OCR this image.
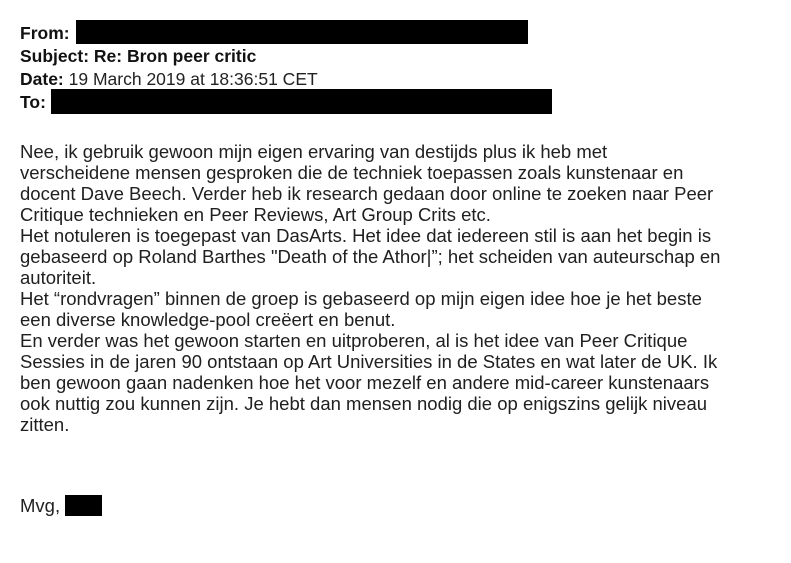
From:
Subject: Re: Bron peer critic
Date: 19 March 2019 at 18:36:51 CET
To:
Nee, ik gebruik gewoon mijn eigen ervaring van destijds plus ik heb met
verscheidene mensen gesproken die de techniek toepassen zoals kunstenaar en
docent Dave Beech. Verder heb ik research gedaan door online te zoeken naar Peer
Critique technieken en Peer Reviews, Art Group Crits etc.
Het notuleren is toegepast van DasArts. Het idee dat iedereen stil is aan het begin is
gebaseerd op Roland Barthes "Death of the Athor|”; het scheiden van auteurschap en
autoriteit.
Het “rondvragen” binnen de groep is gebaseerd op mijn eigen idee hoe je het beste
een diverse knowledge-pool creëert en benut.
En verder was het gewoon starten en uitproberen, al is het idee van Peer Critique
Sessies in de jaren 90 ontstaan op Art Universities in de States en wat later de UK. Ik
ben gewoon gaan nadenken hoe het voor mezelf en andere mid-career kunstenaars
ook nuttig zou kunnen zijn. Je hebt dan mensen nodig die op enigszins gelijk niveau
zitten.
Mvg,
